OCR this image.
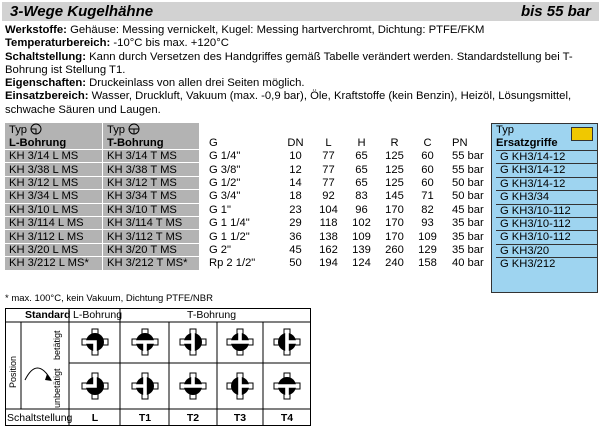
3-Wege Kugelhähne	bis 55 bar
Werkstoffe: Gehäuse: Messing vernickelt, Kugel: Messing hartverchromt, Dichtung: PTFE/FKM
Temperaturbereich: -10°C bis max. +120°C
Schaltstellung: Kann durch Versetzen des Handgriffes gemäß Tabelle verändert werden. Standardstellung bei T-Bohrung ist Stellung T1.
Eigenschaften: Druckeinlass von allen drei Seiten möglich.
Einsatzbereich: Wasser, Druckluft, Vakuum (max. -0,9 bar), Öle, Kraftstoffe (kein Benzin), Heizöl, Lösungsmittel, schwache Säuren und Laugen.
Typ	Typ							
L-Bohrung	T-Bohrung	G	DN	L	H	R	C	PN
KH 3/14 L MS	KH 3/14 T MS	G 1/4"	10	77	65	125	60	55 bar
KH 3/38 L MS	KH 3/38 T MS	G 3/8"	12	77	65	125	60	55 bar
KH 3/12 L MS	KH 3/12 T MS	G 1/2"	14	77	65	125	60	50 bar
KH 3/34 L MS	KH 3/34 T MS	G 3/4"	18	92	83	145	71	50 bar
KH 3/10 L MS	KH 3/10 T MS	G 1"	23	104	96	170	82	45 bar
KH 3/114 L MS	KH 3/114 T MS	G 1 1/4"	29	118	102	170	93	35 bar
KH 3/112 L MS	KH 3/112 T MS	G 1 1/2"	36	138	109	170	109	35 bar
KH 3/20 L MS	KH 3/20 T MS	G 2"	45	162	139	260	129	35 bar
KH 3/212 L MS*	KH 3/212 T MS*	Rp 2 1/2"	50	194	124	240	158	40 bar
Typ
Ersatzgriffe
G KH3/14-12
G KH3/14-12
G KH3/14-12
G KH3/34
G KH3/10-112
G KH3/10-112
G KH3/10-112
G KH3/20
G KH3/212
* max. 100°C, kein Vakuum, Dichtung PTFE/NBR
Standard L-Bohrung	T-Bohrung
Position
betätigt
unbetätigt
Schaltstellung	L	T1	T2	T3	T4
